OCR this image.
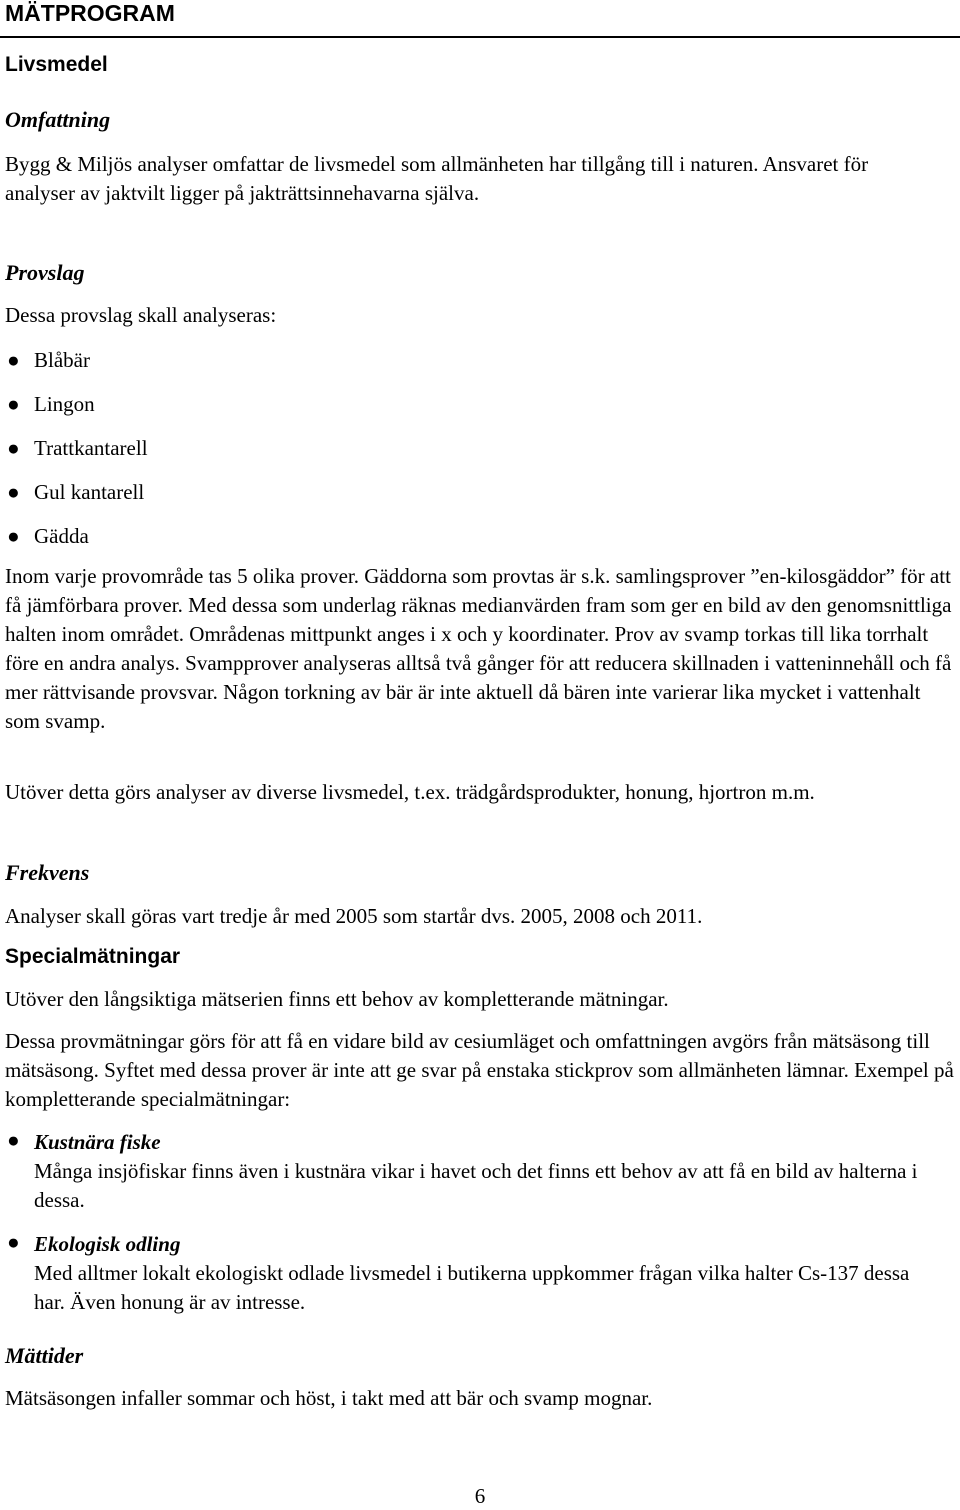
MÄTPROGRAM
Livsmedel
Omfattning

Bygg & Miljös analyser omfattar de livsmedel som allmänheten har tillgång till i naturen. Ansvaret för analyser av jaktvilt ligger på jakträttsinnehavarna själva.

Provslag

Dessa provslag skall analyseras:

● Blåbär
● Lingon
● Trattkantarell
● Gul kantarell
● Gädda

Inom varje provområde tas 5 olika prover. Gäddorna som provtas är s.k. samlingsprover ”en-kilosgäddor” för att få jämförbara prover. Med dessa som underlag räknas medianvärden fram som ger en bild av den genomsnittliga halten inom området. Områdenas mittpunkt anges i x och y koordinater. Prov av svamp torkas till lika torrhalt före en andra analys. Svampprover analyseras alltså två gånger för att reducera skillnaden i vatteninnehåll och få mer rättvisande provsvar. Någon torkning av bär är inte aktuell då bären inte varierar lika mycket i vattenhalt som svamp.

Utöver detta görs analyser av diverse livsmedel, t.ex. trädgårdsprodukter, honung, hjortron m.m.

Frekvens

Analyser skall göras vart tredje år med 2005 som startår dvs. 2005, 2008 och 2011.

Specialmätningar

Utöver den långsiktiga mätserien finns ett behov av kompletterande mätningar.

Dessa provmätningar görs för att få en vidare bild av cesiumläget och omfattningen avgörs från mätsäsong till mätsäsong. Syftet med dessa prover är inte att ge svar på enstaka stickprov som allmänheten lämnar. Exempel på kompletterande specialmätningar:

● Kustnära fiske
Många insjöfiskar finns även i kustnära vikar i havet och det finns ett behov av att få en bild av halterna i dessa.
● Ekologisk odling
Med alltmer lokalt ekologiskt odlade livsmedel i butikerna uppkommer frågan vilka halter Cs-137 dessa har. Även honung är av intresse.
Mättider

Mätsäsongen infaller sommar och höst, i takt med att bär och svamp mognar.

6
